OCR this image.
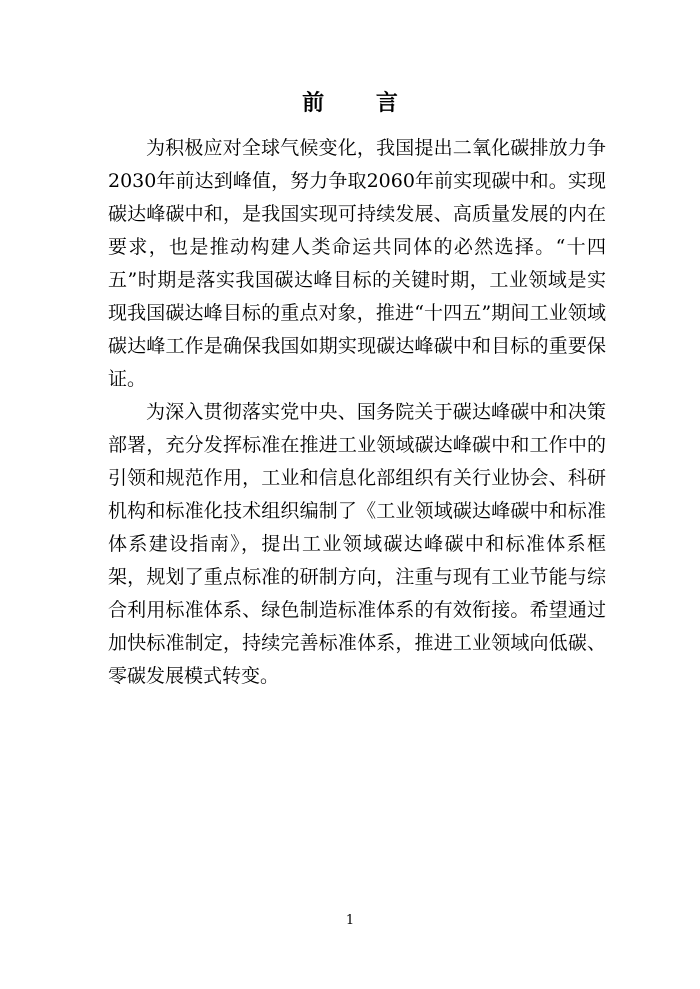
前 言

为积极应对全球气候变化，我国提出二氧化碳排放力争2030年前达到峰值，努力争取2060年前实现碳中和。实现碳达峰碳中和，是我国实现可持续发展、高质量发展的内在要求，也是推动构建人类命运共同体的必然选择。“十四五”时期是落实我国碳达峰目标的关键时期，工业领域是实现我国碳达峰目标的重点对象，推进“十四五”期间工业领域碳达峰工作是确保我国如期实现碳达峰碳中和目标的重要保证。

为深入贯彻落实党中央、国务院关于碳达峰碳中和决策部署，充分发挥标准在推进工业领域碳达峰碳中和工作中的引领和规范作用，工业和信息化部组织有关行业协会、科研机构和标准化技术组织编制了《工业领域碳达峰碳中和标准体系建设指南》，提出工业领域碳达峰碳中和标准体系框架，规划了重点标准的研制方向，注重与现有工业节能与综合利用标准体系、绿色制造标准体系的有效衔接。希望通过加快标准制定，持续完善标准体系，推进工业领域向低碳、零碳发展模式转变。

1
